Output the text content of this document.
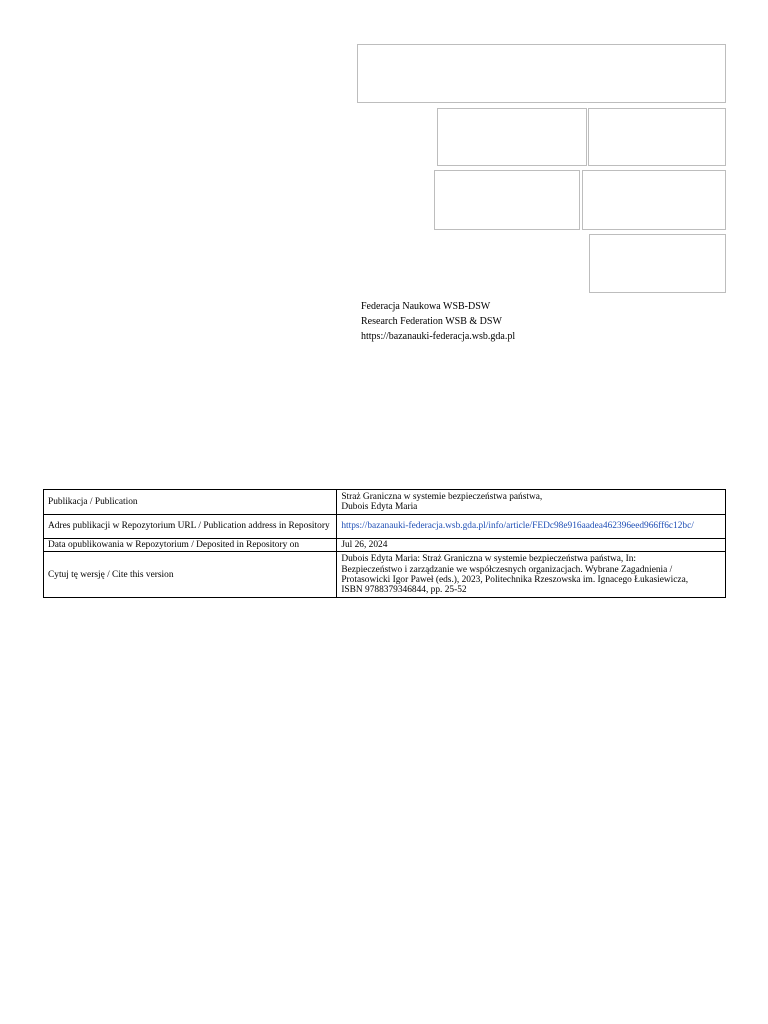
Federacja Naukowa WSB-DSW
Research Federation WSB & DSW
https://bazanauki-federacja.wsb.gda.pl
Publikacja / Publication	Straż Graniczna w systemie bezpieczeństwa państwa,
Dubois Edyta Maria

Adres publikacji w Repozytorium URL / Publication address in Repository	https://bazanauki-federacja.wsb.gda.pl/info/article/FEDc98e916aadea462396eed966ff6c12bc/
Data opublikowania w Repozytorium / Deposited in Repository on	Jul 26, 2024
Cytuj tę wersję / Cite this version	Dubois Edyta Maria: Straż Graniczna w systemie bezpieczeństwa państwa, In:
Bezpieczeństwo i zarządzanie we współczesnych organizacjach. Wybrane Zagadnienia /
Protasowicki Igor Paweł (eds.), 2023, Politechnika Rzeszowska im. Ignacego Łukasiewicza,
ISBN 9788379346844, pp. 25-52
